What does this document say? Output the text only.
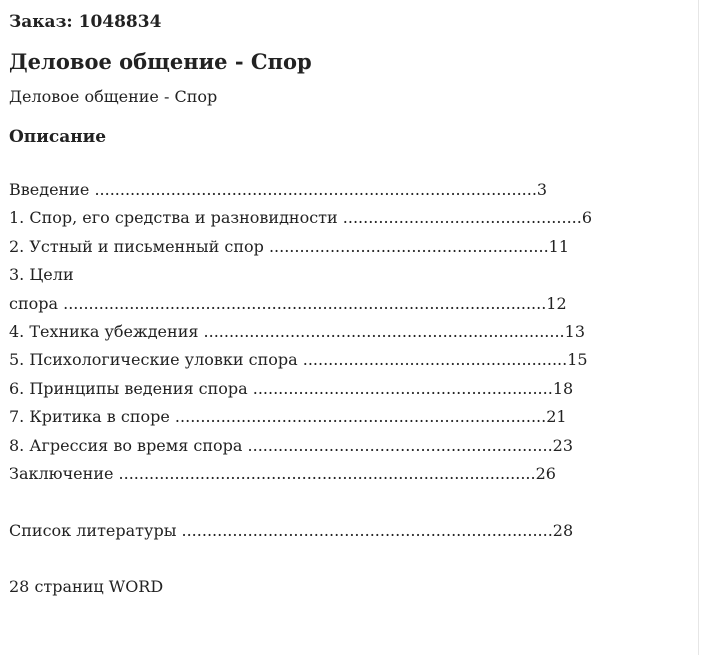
Заказ: 1048834
Деловое общение - Спор
Деловое общение - Спор
Описание
Введение .......................................................................................3
1. Спор, его средства и разновидности ...............................................6
2. Устный и письменный спор .......................................................11
3. Цели
спора ...............................................................................................12
4. Техника убеждения .......................................................................13
5. Психологические уловки спора ....................................................15
6. Принципы ведения спора ...........................................................18
7. Критика в споре .........................................................................21
8. Агрессия во время спора ............................................................23
Заключение ..................................................................................26
Список литературы .........................................................................28
28 страниц WORD
